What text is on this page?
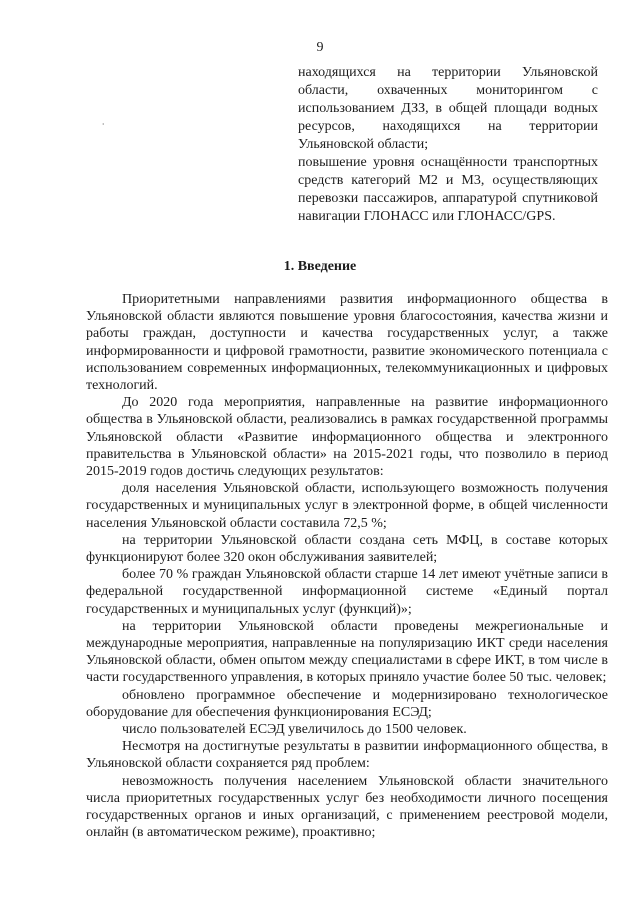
9
⸳

находящихся на территории Ульяновской области, охваченных мониторингом с использованием ДЗЗ, в общей площади водных ресурсов, находящихся на территории Ульяновской области;

повышение уровня оснащённости транспортных средств категорий М2 и М3, осуществляющих перевозки пассажиров, аппаратурой спутниковой навигации ГЛОНАСС или ГЛОНАСС/GPS.

1. Введение

Приоритетными направлениями развития информационного общества в Ульяновской области являются повышение уровня благосостояния, качества жизни и работы граждан, доступности и качества государственных услуг, а также информированности и цифровой грамотности, развитие экономического потенциала с использованием современных информационных, телекоммуникационных и цифровых технологий.

До 2020 года мероприятия, направленные на развитие информационного общества в Ульяновской области, реализовались в рамках государственной программы Ульяновской области «Развитие информационного общества и электронного правительства в Ульяновской области» на 2015-2021 годы, что позволило в период 2015-2019 годов достичь следующих результатов:

доля населения Ульяновской области, использующего возможность получения государственных и муниципальных услуг в электронной форме, в общей численности населения Ульяновской области составила 72,5 %;

на территории Ульяновской области создана сеть МФЦ, в составе которых функционируют более 320 окон обслуживания заявителей;

более 70 % граждан Ульяновской области старше 14 лет имеют учётные записи в федеральной государственной информационной системе «Единый портал государственных и муниципальных услуг (функций)»;

на территории Ульяновской области проведены межрегиональные и международные мероприятия, направленные на популяризацию ИКТ среди населения Ульяновской области, обмен опытом между специалистами в сфере ИКТ, в том числе в части государственного управления, в которых приняло участие более 50 тыс. человек;

обновлено программное обеспечение и модернизировано технологическое оборудование для обеспечения функционирования ЕСЭД;

число пользователей ЕСЭД увеличилось до 1500 человек.

Несмотря на достигнутые результаты в развитии информационного общества, в Ульяновской области сохраняется ряд проблем:

невозможность получения населением Ульяновской области значительного числа приоритетных государственных услуг без необходимости личного посещения государственных органов и иных организаций, с применением реестровой модели, онлайн (в автоматическом режиме), проактивно;
